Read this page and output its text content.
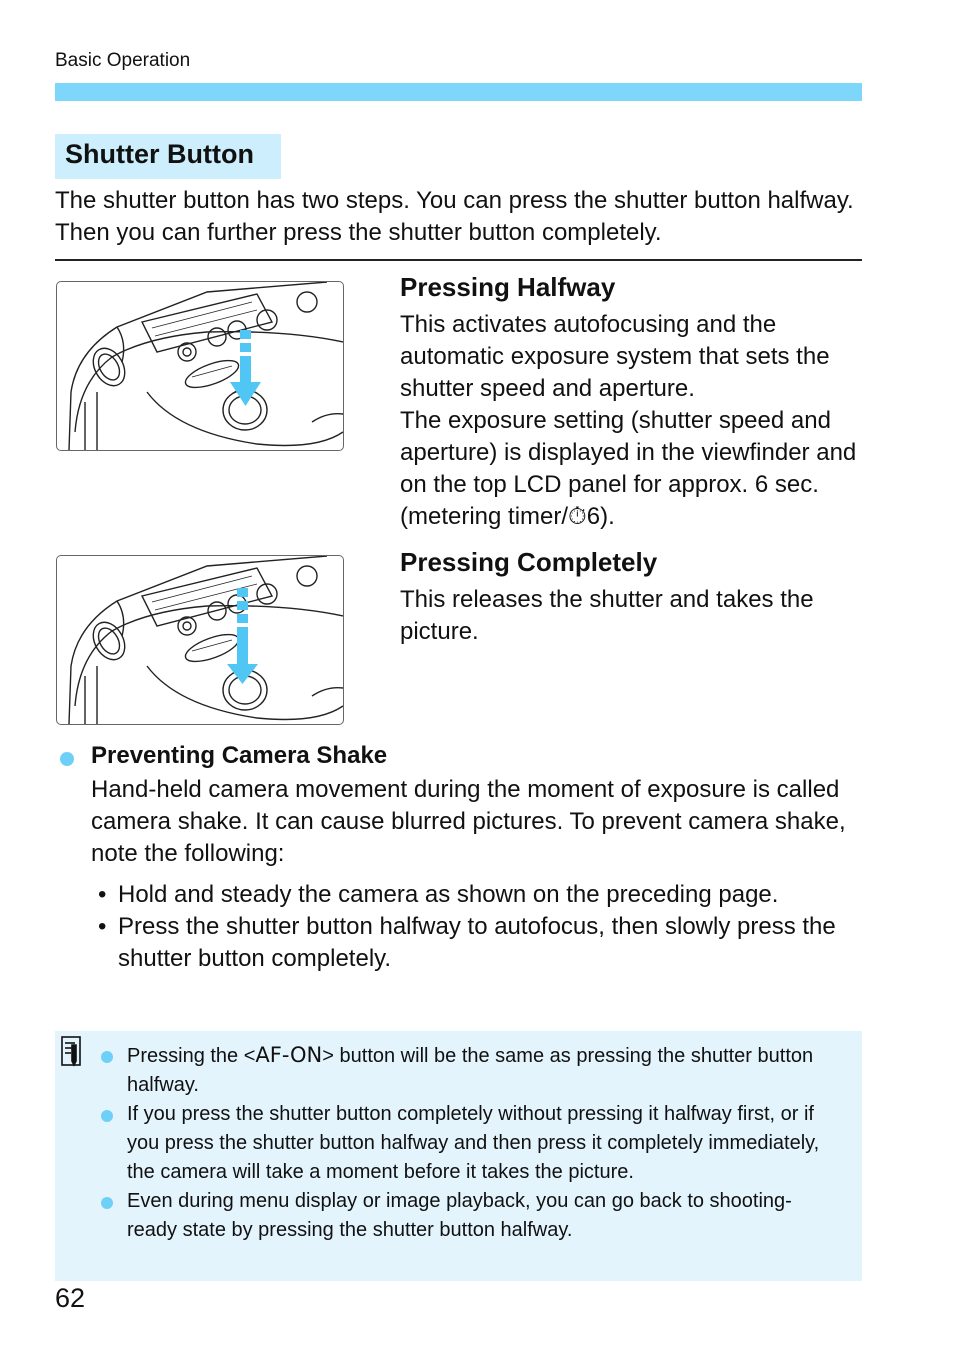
Basic Operation
Shutter Button
The shutter button has two steps. You can press the shutter button halfway. Then you can further press the shutter button completely.
Pressing Halfway
This activates autofocusing and the automatic exposure system that sets the shutter speed and aperture.
The exposure setting (shutter speed and aperture) is displayed in the viewfinder and on the top LCD panel for approx. 6 sec. (metering timer/⏱6).
Pressing Completely
This releases the shutter and takes the picture.
Preventing Camera Shake
Hand-held camera movement during the moment of exposure is called camera shake. It can cause blurred pictures. To prevent camera shake, note the following:
• Hold and steady the camera as shown on the preceding page.
• Press the shutter button halfway to autofocus, then slowly press the shutter button completely.
Pressing the <AF-ON> button will be the same as pressing the shutter button halfway.
If you press the shutter button completely without pressing it halfway first, or if you press the shutter button halfway and then press it completely immediately, the camera will take a moment before it takes the picture.
Even during menu display or image playback, you can go back to shooting-ready state by pressing the shutter button halfway.
62
